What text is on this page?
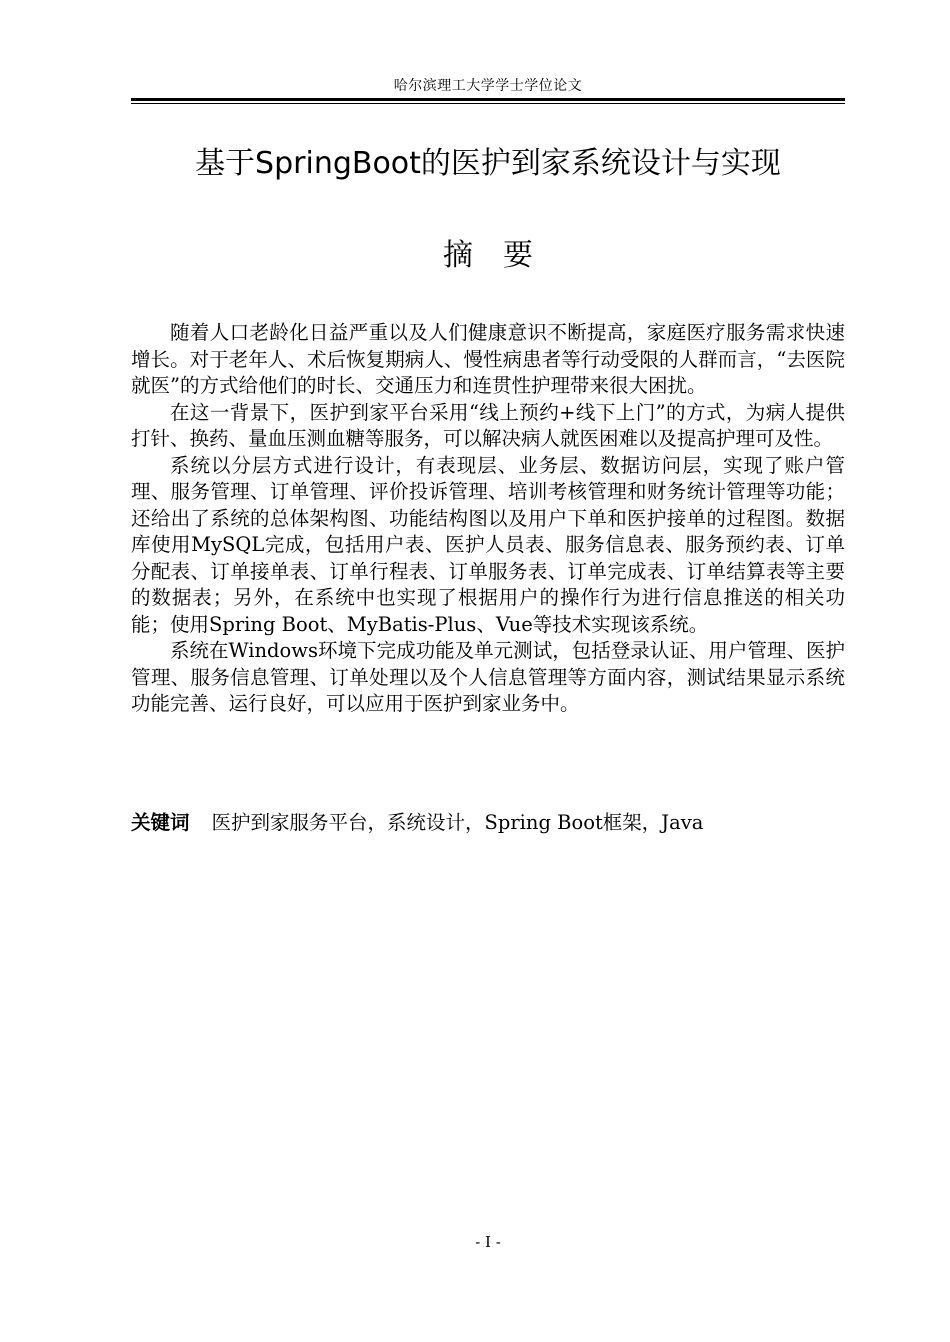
哈尔滨理工大学学士学位论文
基于SpringBoot的医护到家系统设计与实现
摘要

随着人口老龄化日益严重以及人们健康意识不断提高，家庭医疗服务需求快速增长。对于老年人、术后恢复期病人、慢性病患者等行动受限的人群而言，“去医院就医”的方式给他们的时长、交通压力和连贯性护理带来很大困扰。

在这一背景下，医护到家平台采用“线上预约+线下上门”的方式，为病人提供打针、换药、量血压测血糖等服务，可以解决病人就医困难以及提高护理可及性。

系统以分层方式进行设计，有表现层、业务层、数据访问层，实现了账户管理、服务管理、订单管理、评价投诉管理、培训考核管理和财务统计管理等功能；还给出了系统的总体架构图、功能结构图以及用户下单和医护接单的过程图。数据库使用MySQL完成，包括用户表、医护人员表、服务信息表、服务预约表、订单分配表、订单接单表、订单行程表、订单服务表、订单完成表、订单结算表等主要的数据表；另外，在系统中也实现了根据用户的操作行为进行信息推送的相关功能；使用Spring Boot、MyBatis-Plus、Vue等技术实现该系统。

系统在Windows环境下完成功能及单元测试，包括登录认证、用户管理、医护管理、服务信息管理、订单处理以及个人信息管理等方面内容，测试结果显示系统功能完善、运行良好，可以应用于医护到家业务中。

关键词 医护到家服务平台，系统设计，Spring Boot框架，Java
- I -
